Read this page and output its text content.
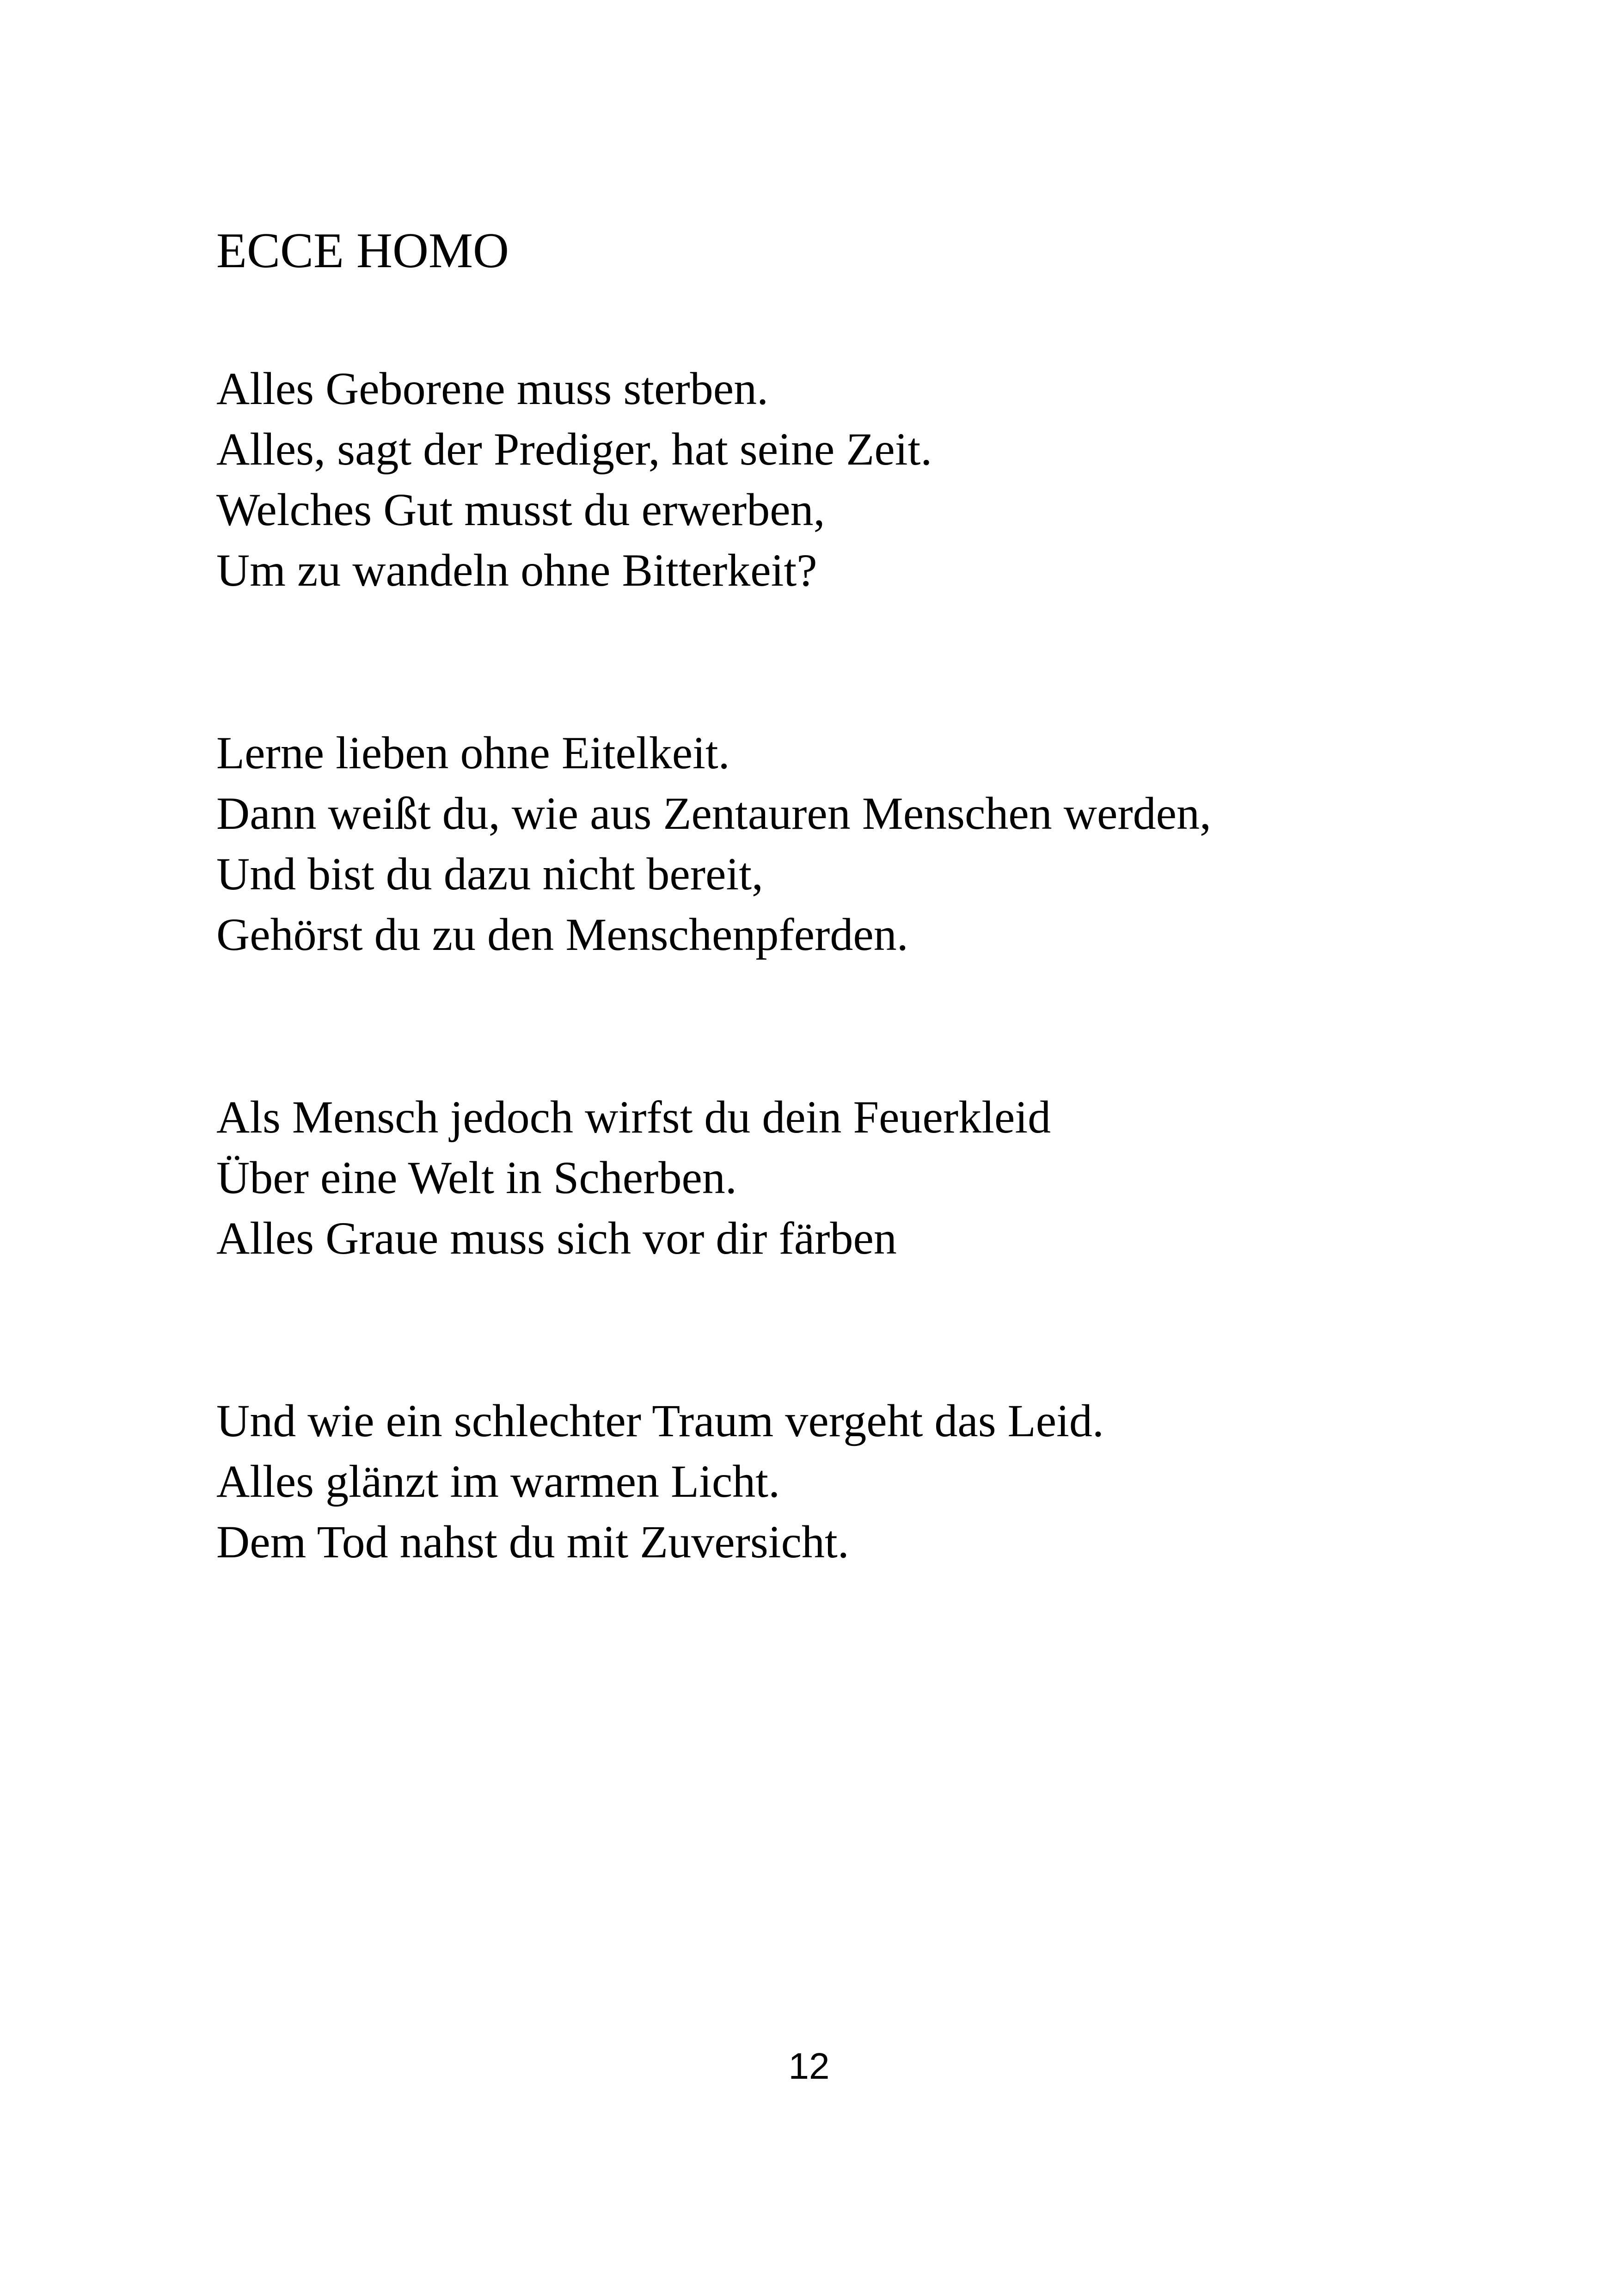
ECCE HOMO
Alles Geborene muss sterben.
Alles, sagt der Prediger, hat seine Zeit.
Welches Gut musst du erwerben,
Um zu wandeln ohne Bitterkeit?
Lerne lieben ohne Eitelkeit.
Dann weißt du, wie aus Zentauren Menschen werden,
Und bist du dazu nicht bereit,
Gehörst du zu den Menschenpferden.
Als Mensch jedoch wirfst du dein Feuerkleid
Über eine Welt in Scherben.
Alles Graue muss sich vor dir färben
Und wie ein schlechter Traum vergeht das Leid.
Alles glänzt im warmen Licht.
Dem Tod nahst du mit Zuversicht.
12
